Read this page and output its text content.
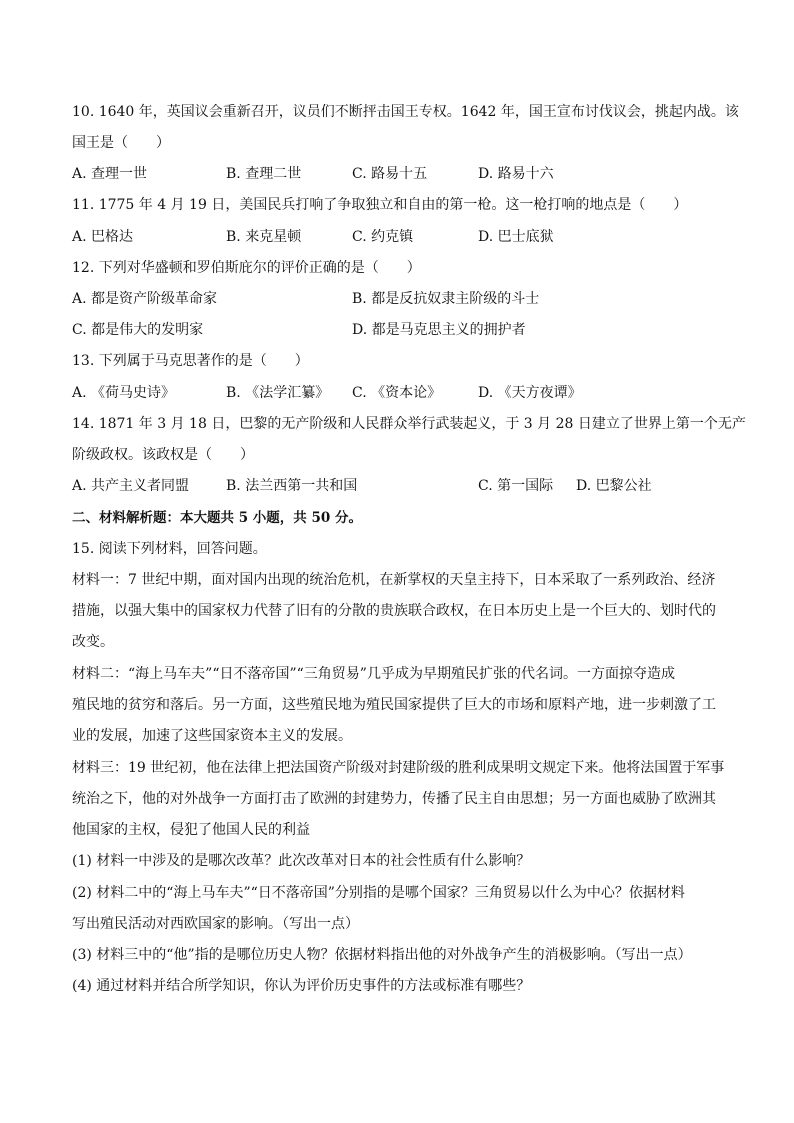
10. 1640 年，英国议会重新召开，议员们不断抨击国王专权。1642 年，国王宣布讨伐议会，挑起内战。该
国王是（　　）
A. 查理一世	B. 查理二世	C. 路易十五	D. 路易十六
11. 1775 年 4 月 19 日，美国民兵打响了争取独立和自由的第一枪。这一枪打响的地点是（　　）
A. 巴格达	B. 来克星顿	C. 约克镇	D. 巴士底狱
12. 下列对华盛顿和罗伯斯庇尔的评价正确的是（　　）
A. 都是资产阶级革命家	B. 都是反抗奴隶主阶级的斗士
C. 都是伟大的发明家	D. 都是马克思主义的拥护者
13. 下列属于马克思著作的是（　　）
A. 《荷马史诗》	B. 《法学汇纂》 C. 《资本论》	D. 《天方夜谭》
14. 1871 年 3 月 18 日，巴黎的无产阶级和人民群众举行武装起义，于 3 月 28 日建立了世界上第一个无产
阶级政权。该政权是（　　）
A. 共产主义者同盟	B. 法兰西第一共和国	C. 第一国际 D. 巴黎公社
二、材料解析题：本大题共 5 小题，共 50 分。
15. 阅读下列材料，回答问题。
材料一：7 世纪中期，面对国内出现的统治危机，在新掌权的天皇主持下，日本采取了一系列政治、经济
措施，以强大集中的国家权力代替了旧有的分散的贵族联合政权，在日本历史上是一个巨大的、划时代的
改变。
材料二：“海上马车夫”“日不落帝国”“三角贸易”几乎成为早期殖民扩张的代名词。一方面掠夺造成
殖民地的贫穷和落后。另一方面，这些殖民地为殖民国家提供了巨大的市场和原料产地，进一步刺激了工
业的发展，加速了这些国家资本主义的发展。
材料三：19 世纪初，他在法律上把法国资产阶级对封建阶级的胜利成果明文规定下来。他将法国置于军事
统治之下，他的对外战争一方面打击了欧洲的封建势力，传播了民主自由思想；另一方面也威胁了欧洲其
他国家的主权，侵犯了他国人民的利益
(1) 材料一中涉及的是哪次改革？此次改革对日本的社会性质有什么影响？
(2) 材料二中的“海上马车夫”“日不落帝国”分别指的是哪个国家？三角贸易以什么为中心？依据材料
写出殖民活动对西欧国家的影响。（写出一点）
(3) 材料三中的“他”指的是哪位历史人物？依据材料指出他的对外战争产生的消极影响。（写出一点）
(4) 通过材料并结合所学知识，你认为评价历史事件的方法或标准有哪些？
